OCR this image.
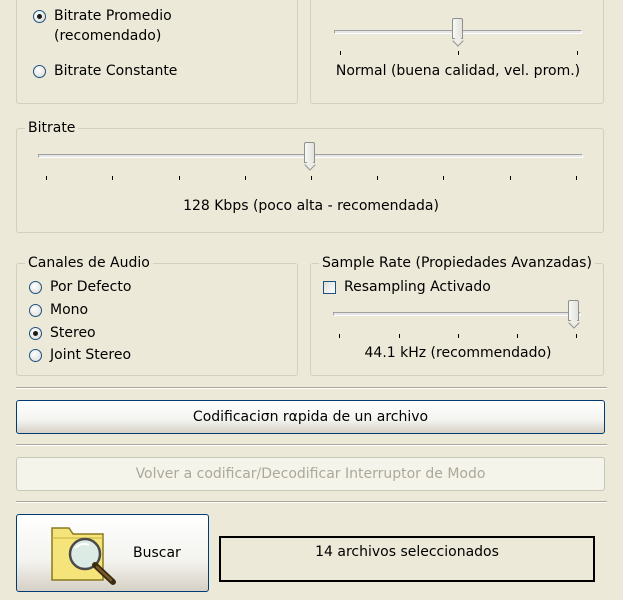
Bitrate Promedio
(recomendado)
Bitrate Constante	Normal (buena calidad, vel. prom.)
Bitrate
128 Kbps (poco alta - recomendada)
Canales de Audio
Por Defecto
Mono
Stereo
Joint Stereo
Sample Rate (Propiedades Avanzadas)
Resampling Activado
44.1 kHz (recommendado)
Codificaciσn rαpida de un archivo
Volver a codificar/Decodificar Interruptor de Modo
Buscar	14 archivos seleccionados
